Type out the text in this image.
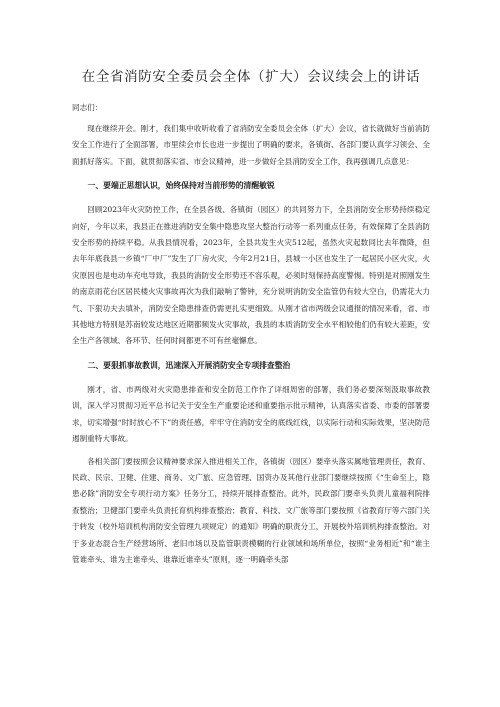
在全省消防安全委员会全体（扩大）会议续会上的讲话

同志们：

现在继续开会。刚才，我们集中收听收看了省消防安全委员会全体（扩大）会议，省长就做好当前消防安全工作进行了全面部署，市里续会市长也进一步提出了明确的要求，各镇街、各部门要认真学习领会、全面抓好落实。下面，就贯彻落实省、市会议精神，进一步做好全县消防安全工作，我再强调几点意见：

一、要端正思想认识，始终保持对当前形势的清醒敏锐

回顾2023年火灾防控工作，在全县各级、各镇街（园区）的共同努力下，全县消防安全形势持续稳定向好，今年以来，我县正在推进消防安全集中隐患攻坚大整治行动等一系列重点任务，有效保障了全县消防安全形势的持续平稳。从我县情况看，2023年，全县共发生火灾512起，虽然火灾起数同比去年微降，但去年年底我县一乡镇“厂中厂”发生了厂房火灾，今年2月21日，县城一小区也发生了一起居民小区火灾，火灾原因也是电动车充电导致，我县的消防安全形势还不容乐观，必须时刻保持高度警惕。特别是对照刚发生的南京雨花台区居民楼火灾事故再次为我们敲响了警钟，充分说明消防安全监管仍有较大空白，仍需花大力气、下狠功夫去填补，消防安全隐患排查仍需更扎实更细致。从刚才省市两级会议通报的情况来看，省、市其他地方特别是苏南较发达地区近期都频发火灾事故，我县的本质消防安全水平相较他们仍有较大差距，安全生产各领域、各环节、任何时间都更不可有丝毫懈怠。

二、要狠抓事故教训，迅速深入开展消防安全专项排查整治

刚才，省、市两级对火灾隐患排查和安全防范工作作了详细周密的部署，我们务必要深刻汲取事故教训，深入学习贯彻习近平总书记关于安全生产重要论述和重要指示批示精神，认真落实省委、市委的部署要求，切实增强“时时放心不下”的责任感，牢牢守住消防安全的底线红线，以实际行动和实际效果，坚决防范遏制重特大事故。

各相关部门要按照会议精神要求深入推进相关工作，各镇街（园区）要牵头落实属地管理责任，教育、民政、民宗、卫健、住建、商务、文广旅、应急管理、国资办及其他行业部门要继续按照《“生命至上，隐患必除”消防安全专项行动方案》任务分工，持续开展排查整治。此外，民政部门要牵头负责儿童福利院排查整治；卫健部门要牵头负责托育机构排查整治；教育、科技、文广旅等部门要按照《省教育厅等六部门关于转发（校外培训机构消防安全管理九项规定）的通知》明确的职责分工，开展校外培训机构排查整治。对于多业态混合生产经营场所、老旧市场以及监管职责模糊的行业领域和场所单位，按照“业务相近”和“谁主管谁牵头、谁为主谁牵头、谁靠近谁牵头”原则，逐一明确牵头部
